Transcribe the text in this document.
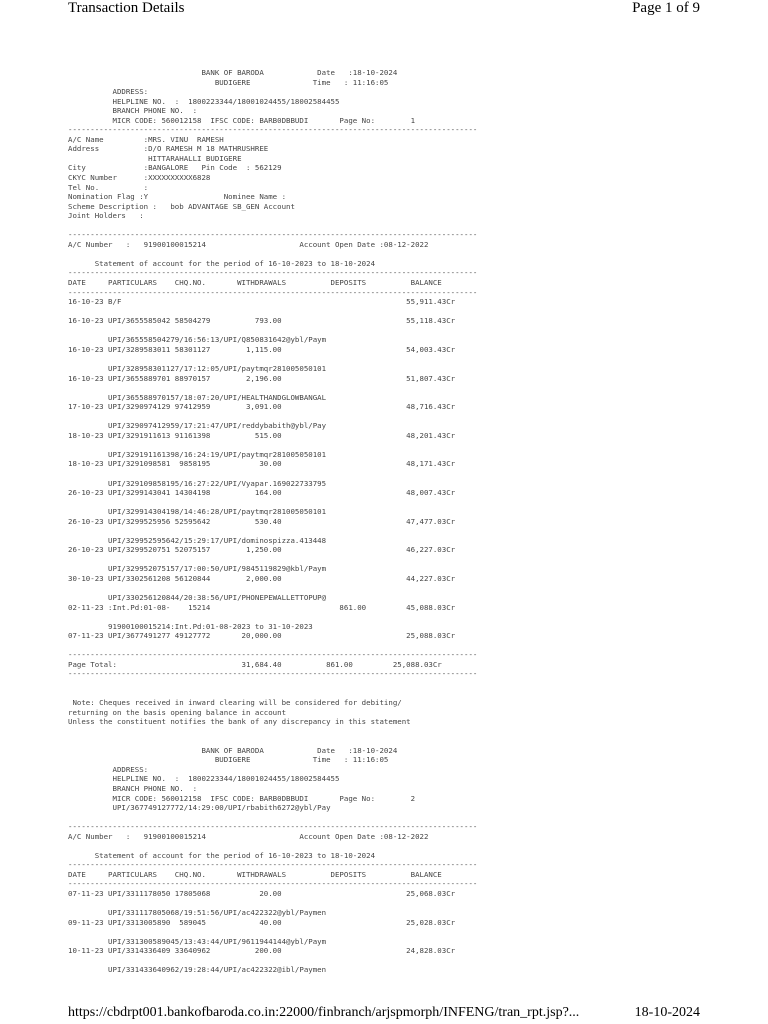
Transaction Details	Page 1 of 9
BANK OF BARODA            Date   :18-10-2024
BUDIGERE              Time   : 11:16:05
ADDRESS:
HELPLINE NO.  :  1800223344/18001024455/18002584455
BRANCH PHONE NO.  :
MICR CODE: 560012158  IFSC CODE: BARB0DBBUDI       Page No:        1
--------------------------------------------------------------------------------------------
A/C Name         :MRS. VINU  RAMESH
Address          :D/O RAMESH M 18 MATHRUSHREE
HITTARAHALLI BUDIGERE
City             :BANGALORE   Pin Code  : 562129
CKYC Number      :XXXXXXXXXX6828
Tel No.          :
Nomination Flag :Y                 Nominee Name :
Scheme Description :   bob ADVANTAGE SB_GEN Account
Joint Holders   :
--------------------------------------------------------------------------------------------
A/C Number   :   91900100015214                     Account Open Date :08-12-2022
Statement of account for the period of 16-10-2023 to 18-10-2024
--------------------------------------------------------------------------------------------
DATE     PARTICULARS    CHQ.NO.       WITHDRAWALS          DEPOSITS          BALANCE
--------------------------------------------------------------------------------------------
16-10-23 B/F                                                                55,911.43Cr
16-10-23 UPI/3655585042 58504279          793.00                            55,118.43Cr
UPI/365558504279/16:56:13/UPI/Q850831642@ybl/Paym
16-10-23 UPI/3289583011 58301127        1,115.00                            54,003.43Cr
UPI/328958301127/17:12:05/UPI/paytmqr281005050101
16-10-23 UPI/3655889701 88970157        2,196.00                            51,807.43Cr
UPI/365588970157/18:07:20/UPI/HEALTHANDGLOWBANGAL
17-10-23 UPI/3290974129 97412959        3,091.00                            48,716.43Cr
UPI/329097412959/17:21:47/UPI/reddybabith@ybl/Pay
18-10-23 UPI/3291911613 91161398          515.00                            48,201.43Cr
UPI/329191161398/16:24:19/UPI/paytmqr281005050101
18-10-23 UPI/3291098581  9858195           30.00                            48,171.43Cr
UPI/329109858195/16:27:22/UPI/Vyapar.169022733795
26-10-23 UPI/3299143041 14304198          164.00                            48,007.43Cr
UPI/329914304198/14:46:28/UPI/paytmqr281005050101
26-10-23 UPI/3299525956 52595642          530.40                            47,477.03Cr
UPI/329952595642/15:29:17/UPI/dominospizza.413448
26-10-23 UPI/3299520751 52075157        1,250.00                            46,227.03Cr
UPI/329952075157/17:00:50/UPI/9845119829@kbl/Paym
30-10-23 UPI/3302561208 56120844        2,000.00                            44,227.03Cr
UPI/330256120844/20:38:56/UPI/PHONEPEWALLETTOPUP@
02-11-23 :Int.Pd:01-08-    15214                             861.00         45,088.03Cr
91900100015214:Int.Pd:01-08-2023 to 31-10-2023
07-11-23 UPI/3677491277 49127772       20,000.00                            25,088.03Cr
--------------------------------------------------------------------------------------------
Page Total:                            31,684.40          861.00         25,088.03Cr
--------------------------------------------------------------------------------------------
Note: Cheques received in inward clearing will be considered for debiting/
returning on the basis opening balance in account
Unless the constituent notifies the bank of any discrepancy in this statement
BANK OF BARODA            Date   :18-10-2024
BUDIGERE              Time   : 11:16:05
ADDRESS:
HELPLINE NO.  :  1800223344/18001024455/18002584455
BRANCH PHONE NO.  :
MICR CODE: 560012158  IFSC CODE: BARB0DBBUDI       Page No:        2
UPI/367749127772/14:29:00/UPI/rbabith6272@ybl/Pay
--------------------------------------------------------------------------------------------
A/C Number   :   91900100015214                     Account Open Date :08-12-2022
Statement of account for the period of 16-10-2023 to 18-10-2024
--------------------------------------------------------------------------------------------
DATE     PARTICULARS    CHQ.NO.       WITHDRAWALS          DEPOSITS          BALANCE
--------------------------------------------------------------------------------------------
07-11-23 UPI/3311178050 17805068           20.00                            25,068.03Cr
UPI/331117805068/19:51:56/UPI/ac422322@ybl/Paymen
09-11-23 UPI/3313005890  589045            40.00                            25,028.03Cr
UPI/331300589045/13:43:44/UPI/9611944144@ybl/Paym
10-11-23 UPI/3314336409 33640962          200.00                            24,828.03Cr
UPI/331433640962/19:28:44/UPI/ac422322@ibl/Paymen
https://cbdrpt001.bankofbaroda.co.in:22000/finbranch/arjspmorph/INFENG/tran_rpt.jsp?...	18-10-2024
